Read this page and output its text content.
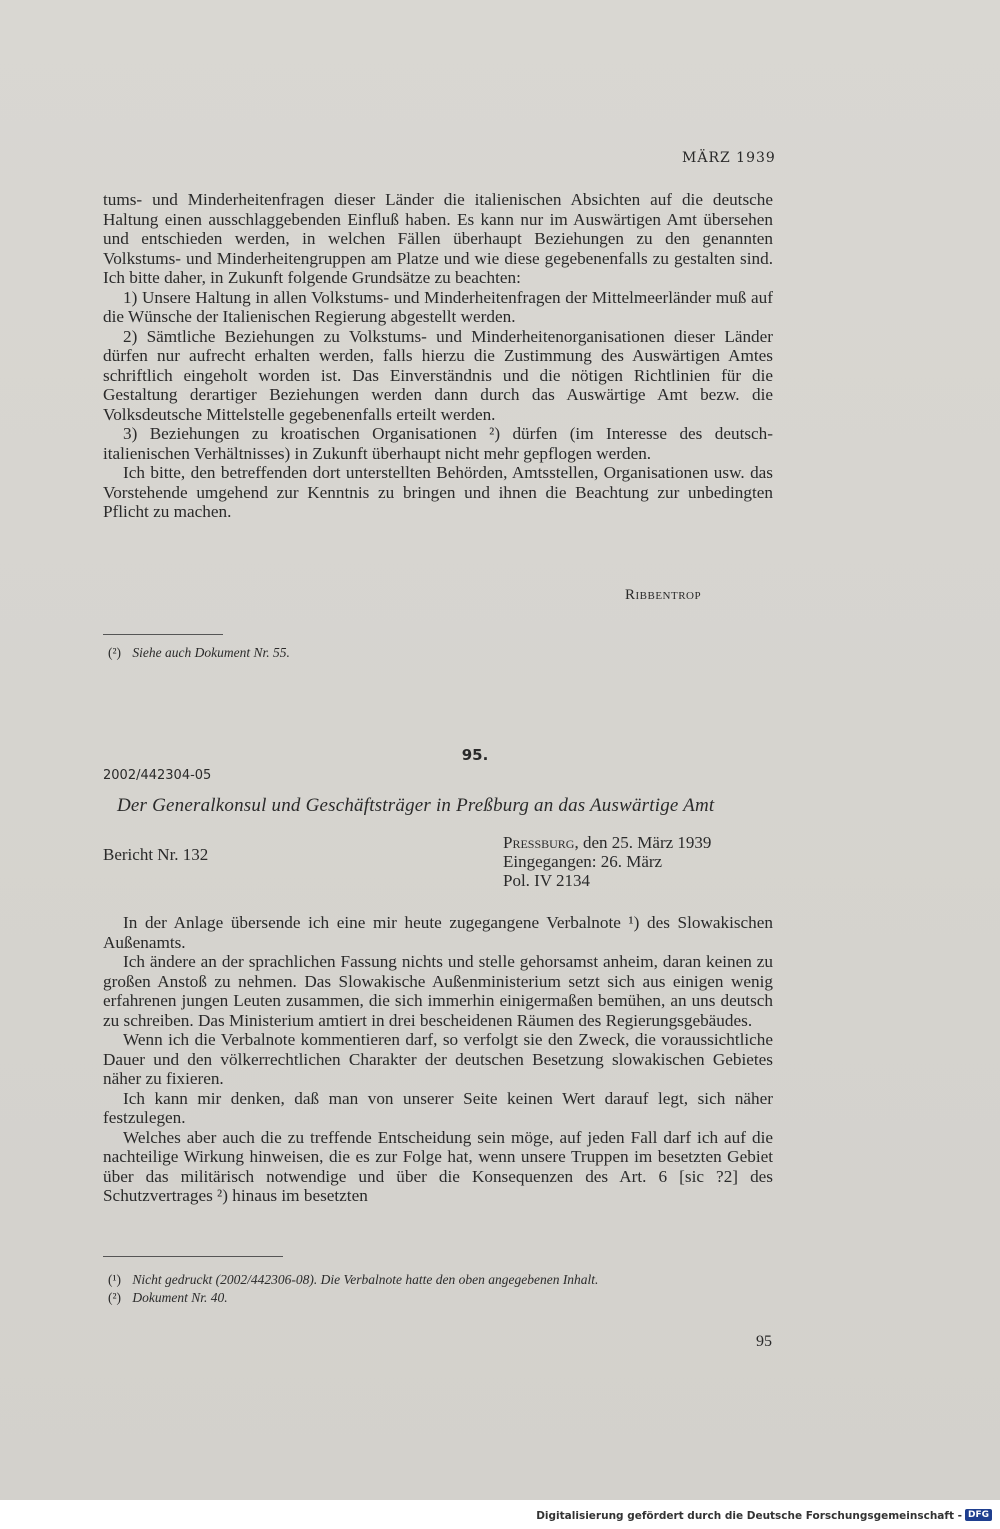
MÄRZ 1939

tums- und Minderheitenfragen dieser Länder die italienischen Absichten auf die deutsche Haltung einen ausschlaggebenden Einfluß haben. Es kann nur im Auswärtigen Amt übersehen und entschieden werden, in welchen Fällen überhaupt Beziehungen zu den genannten Volkstums- und Minderheitengruppen am Platze und wie diese gegebenenfalls zu gestalten sind. Ich bitte daher, in Zukunft folgende Grundsätze zu beachten:

1) Unsere Haltung in allen Volkstums- und Minderheitenfragen der Mittelmeerländer muß auf die Wünsche der Italienischen Regierung abgestellt werden.

2) Sämtliche Beziehungen zu Volkstums- und Minderheitenorganisationen dieser Länder dürfen nur aufrecht erhalten werden, falls hierzu die Zustimmung des Auswärtigen Amtes schriftlich eingeholt worden ist. Das Einverständnis und die nötigen Richtlinien für die Gestaltung derartiger Beziehungen werden dann durch das Auswärtige Amt bezw. die Volksdeutsche Mittelstelle gegebenenfalls erteilt werden.

3) Beziehungen zu kroatischen Organisationen ²) dürfen (im Interesse des deutsch-italienischen Verhältnisses) in Zukunft überhaupt nicht mehr gepflogen werden.

Ich bitte, den betreffenden dort unterstellten Behörden, Amtsstellen, Organisationen usw. das Vorstehende umgehend zur Kenntnis zu bringen und ihnen die Beachtung zur unbedingten Pflicht zu machen.

Ribbentrop
(²) Siehe auch Dokument Nr. 55.
95.
2002/442304-05
Der Generalkonsul und Geschäftsträger in Preßburg an das Auswärtige Amt
Bericht Nr. 132
Pressburg, den 25. März 1939
Eingegangen: 26. März
Pol. IV 2134

In der Anlage übersende ich eine mir heute zugegangene Verbalnote ¹) des Slowakischen Außenamts.

Ich ändere an der sprachlichen Fassung nichts und stelle gehorsamst anheim, daran keinen zu großen Anstoß zu nehmen. Das Slowakische Außenministerium setzt sich aus einigen wenig erfahrenen jungen Leuten zusammen, die sich immerhin einigermaßen bemühen, an uns deutsch zu schreiben. Das Ministerium amtiert in drei bescheidenen Räumen des Regierungsgebäudes.

Wenn ich die Verbalnote kommentieren darf, so verfolgt sie den Zweck, die voraussichtliche Dauer und den völkerrechtlichen Charakter der deutschen Besetzung slowakischen Gebietes näher zu fixieren.

Ich kann mir denken, daß man von unserer Seite keinen Wert darauf legt, sich näher festzulegen.

Welches aber auch die zu treffende Entscheidung sein möge, auf jeden Fall darf ich auf die nachteilige Wirkung hinweisen, die es zur Folge hat, wenn unsere Truppen im besetzten Gebiet über das militärisch notwendige und über die Konsequenzen des Art. 6 [sic ?2] des Schutzvertrages ²) hinaus im besetzten

(¹) Nicht gedruckt (2002/442306-08). Die Verbalnote hatte den oben angegebenen Inhalt.
(²) Dokument Nr. 40.
95
Digitalisierung gefördert durch die Deutsche Forschungsgemeinschaft - DFG
